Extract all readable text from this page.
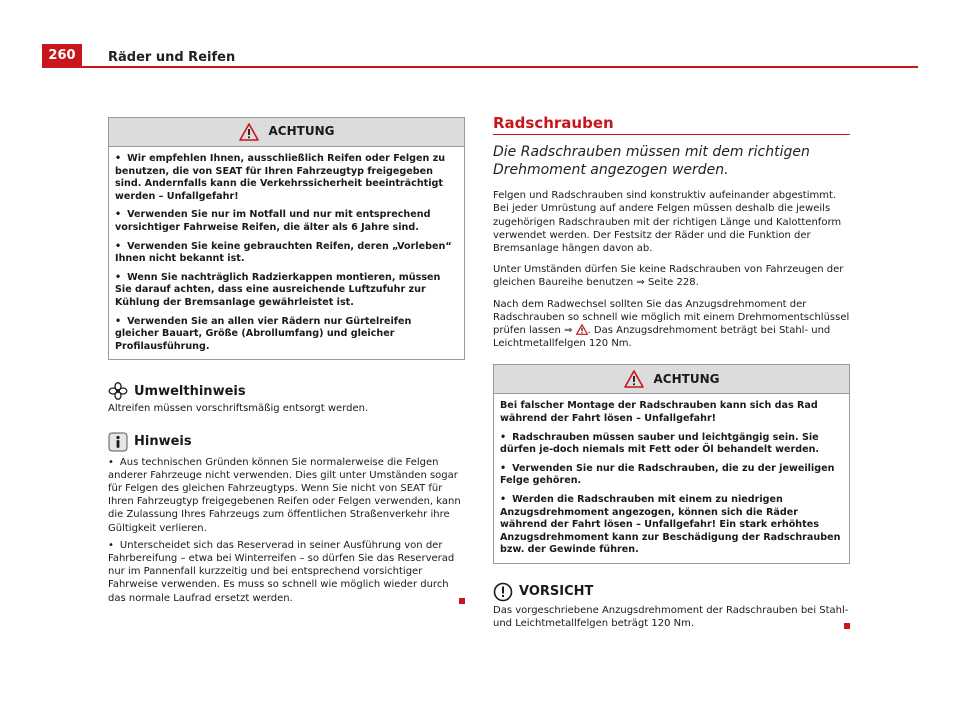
260	Räder und Reifen
ACHTUNG

• Wir empfehlen Ihnen, ausschließlich Reifen oder Felgen zu benutzen, die von SEAT für Ihren Fahrzeugtyp freigegeben sind. Andernfalls kann die Verkehrssicherheit beeinträchtigt werden – Unfallgefahr!

• Verwenden Sie nur im Notfall und nur mit entsprechend vorsichtiger Fahrweise Reifen, die älter als 6 Jahre sind.

• Verwenden Sie keine gebrauchten Reifen, deren „Vorleben“ Ihnen nicht bekannt ist.

• Wenn Sie nachträglich Radzierkappen montieren, müssen Sie darauf achten, dass eine ausreichende Luftzufuhr zur Kühlung der Bremsanlage gewährleistet ist.

• Verwenden Sie an allen vier Rädern nur Gürtelreifen gleicher Bauart, Größe (Abrollumfang) und gleicher Profilausführung.

Umwelthinweis

Altreifen müssen vorschriftsmäßig entsorgt werden.

Hinweis

• Aus technischen Gründen können Sie normalerweise die Felgen anderer Fahrzeuge nicht verwenden. Dies gilt unter Umständen sogar für Felgen des gleichen Fahrzeugtyps. Wenn Sie nicht von SEAT für Ihren Fahrzeugtyp freigegebenen Reifen oder Felgen verwenden, kann die Zulassung Ihres Fahrzeugs zum öffentlichen Straßenverkehr ihre Gültigkeit verlieren.

• Unterscheidet sich das Reserverad in seiner Ausführung von der Fahrbereifung – etwa bei Winterreifen – so dürfen Sie das Reserverad nur im Pannenfall kurzzeitig und bei entsprechend vorsichtiger Fahrweise verwenden. Es muss so schnell wie möglich wieder durch das normale Laufrad ersetzt werden.

Radschrauben
Die Radschrauben müssen mit dem richtigen Drehmoment angezogen werden.

Felgen und Radschrauben sind konstruktiv aufeinander abgestimmt. Bei jeder Umrüstung auf andere Felgen müssen deshalb die jeweils zugehörigen Radschrauben mit der richtigen Länge und Kalottenform verwendet werden. Der Festsitz der Räder und die Funktion der Bremsanlage hängen davon ab.

Unter Umständen dürfen Sie keine Radschrauben von Fahrzeugen der gleichen Baureihe benutzen ⇒ Seite 228.

Nach dem Radwechsel sollten Sie das Anzugsdrehmoment der Radschrauben so schnell wie möglich mit einem Drehmomentschlüssel prüfen lassen ⇒ . Das Anzugsdrehmoment beträgt bei Stahl- und Leichtmetallfelgen 120 Nm.

ACHTUNG

Bei falscher Montage der Radschrauben kann sich das Rad während der Fahrt lösen – Unfallgefahr!

• Radschrauben müssen sauber und leichtgängig sein. Sie dürfen je-doch niemals mit Fett oder Öl behandelt werden.

• Verwenden Sie nur die Radschrauben, die zu der jeweiligen Felge gehören.

• Werden die Radschrauben mit einem zu niedrigen Anzugsdrehmoment angezogen, können sich die Räder während der Fahrt lösen – Unfallgefahr! Ein stark erhöhtes Anzugsdrehmoment kann zur Beschädigung der Radschrauben bzw. der Gewinde führen.

VORSICHT

Das vorgeschriebene Anzugsdrehmoment der Radschrauben bei Stahl- und Leichtmetallfelgen beträgt 120 Nm.
